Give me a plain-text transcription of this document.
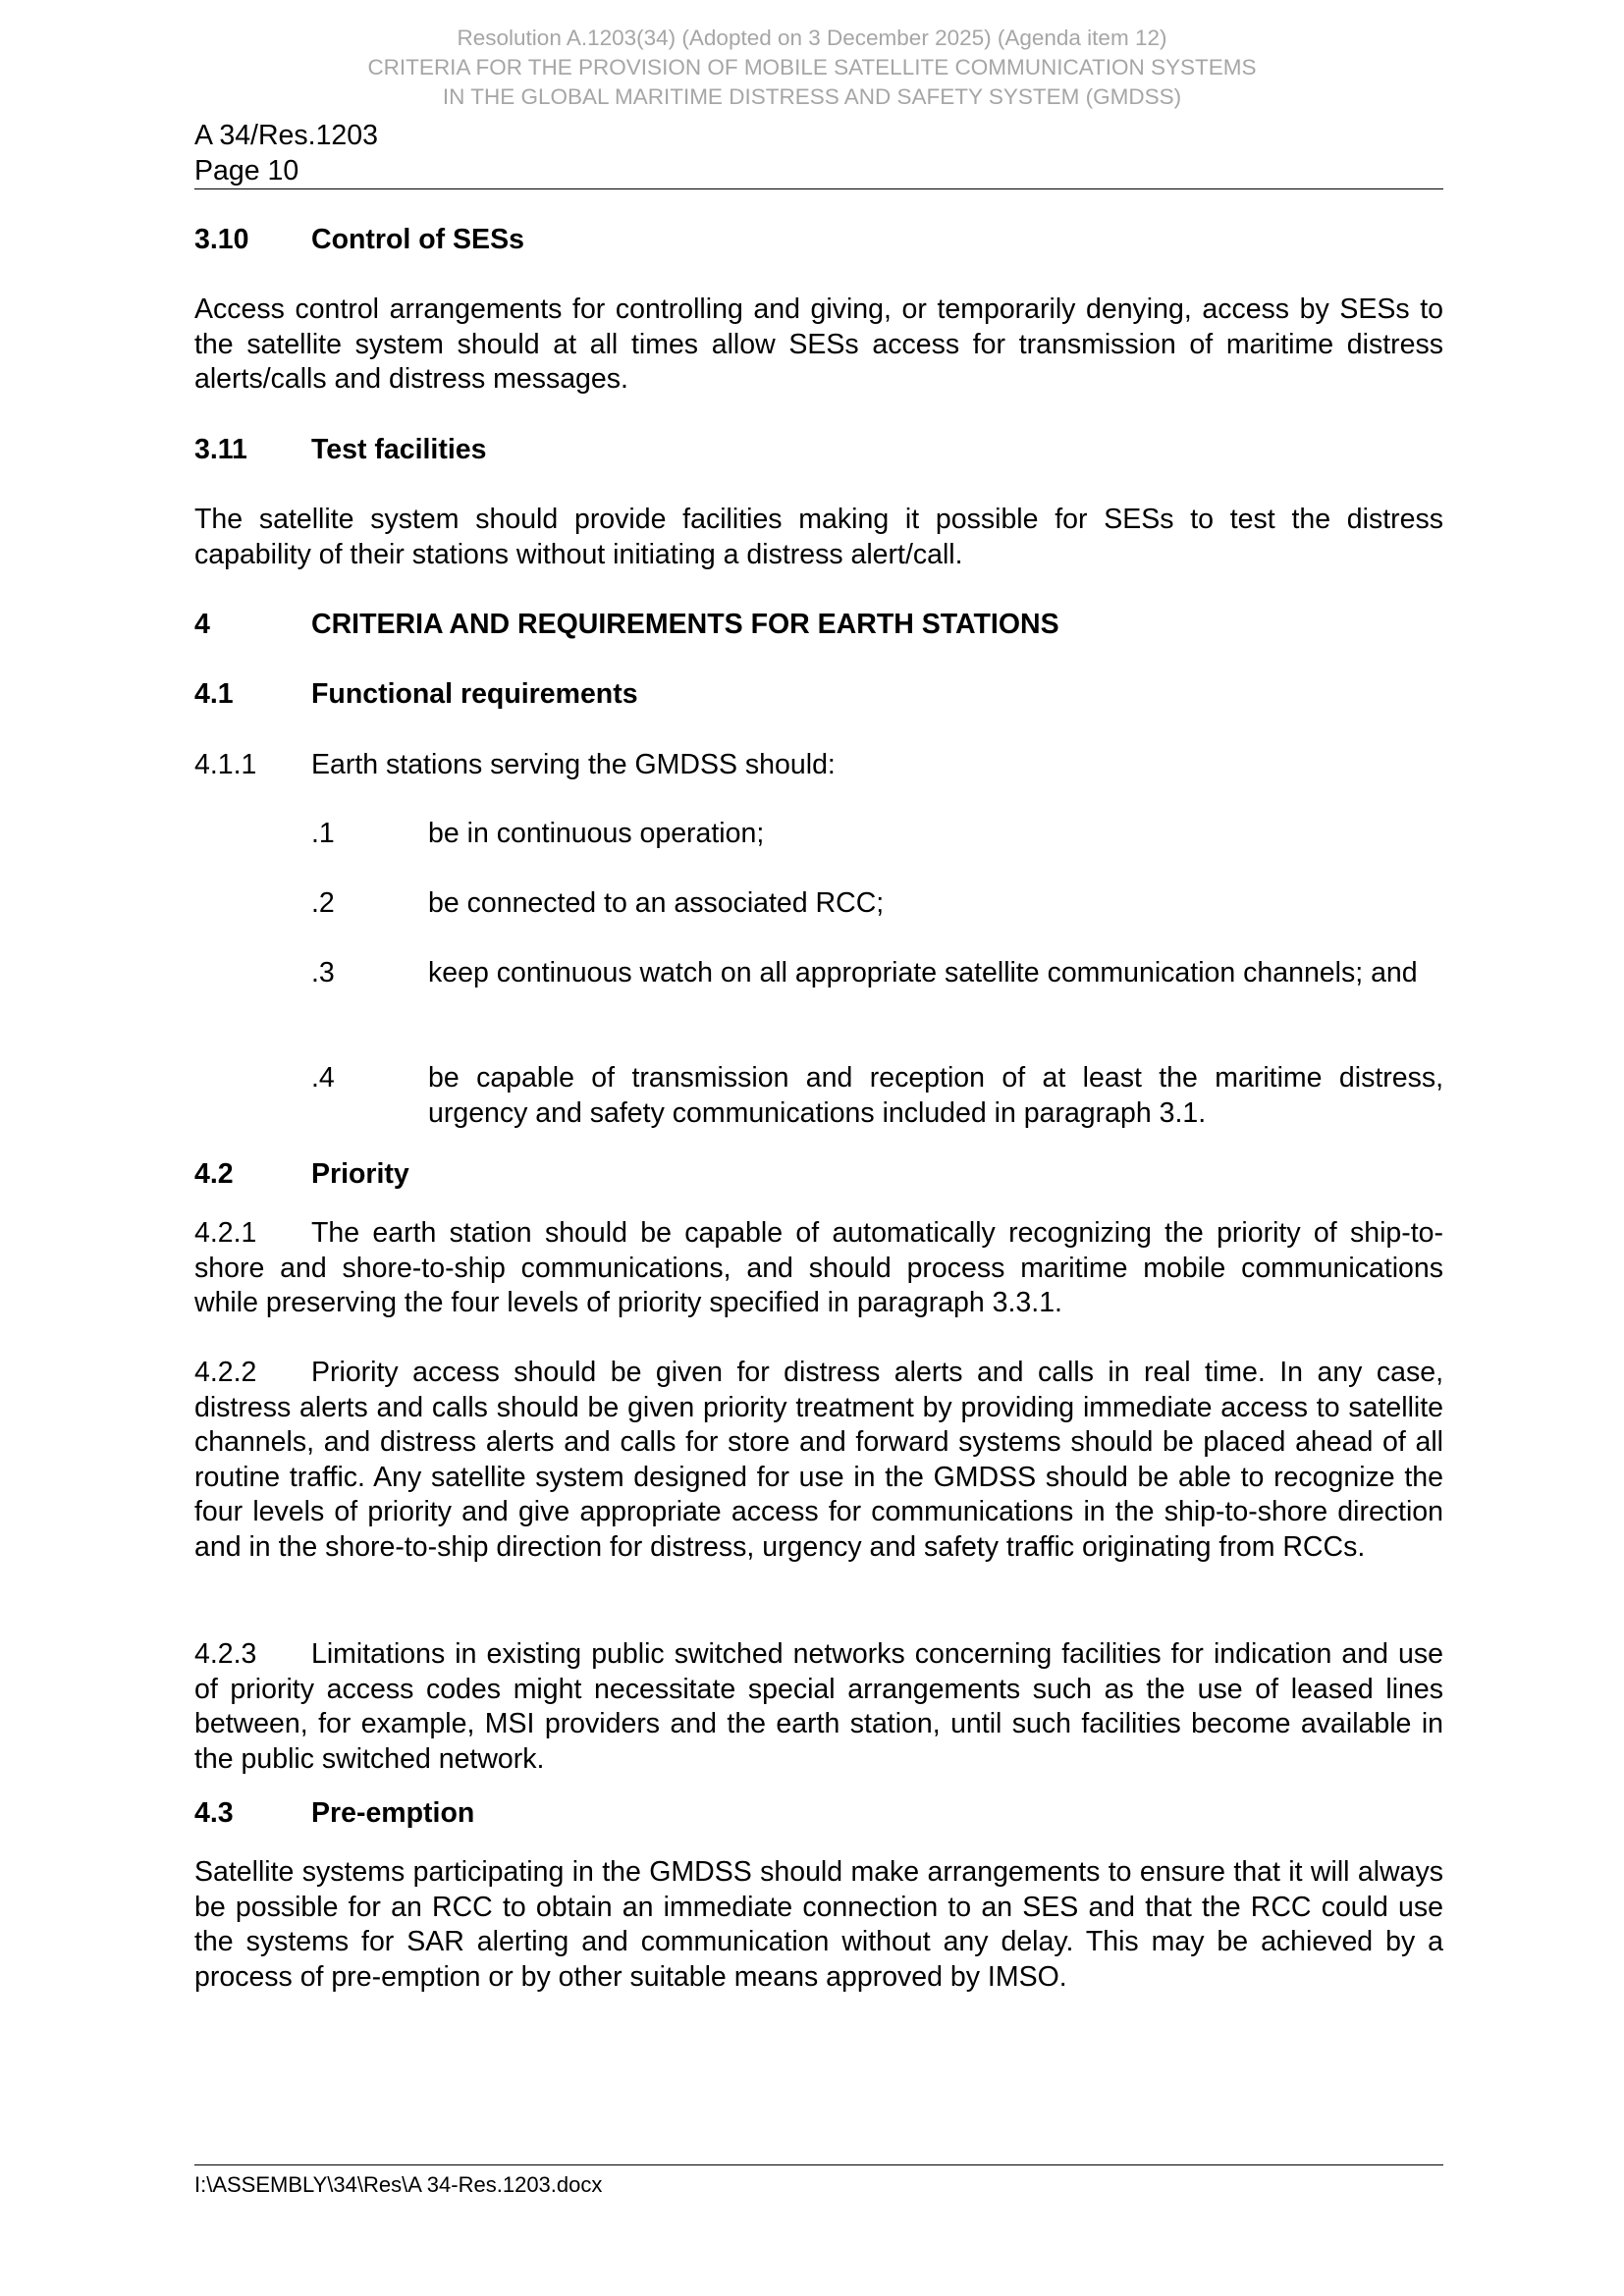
Resolution A.1203(34) (Adopted on 3 December 2025) (Agenda item 12)
CRITERIA FOR THE PROVISION OF MOBILE SATELLITE COMMUNICATION SYSTEMS
IN THE GLOBAL MARITIME DISTRESS AND SAFETY SYSTEM (GMDSS)
A 34/Res.1203
Page 10
3.10 Control of SESs
Access control arrangements for controlling and giving, or temporarily denying, access by SESs to the satellite system should at all times allow SESs access for transmission of maritime distress alerts/calls and distress messages.
3.11 Test facilities
The satellite system should provide facilities making it possible for SESs to test the distress capability of their stations without initiating a distress alert/call.
4	CRITERIA AND REQUIREMENTS FOR EARTH STATIONS
4.1	Functional requirements
4.1.1 Earth stations serving the GMDSS should:
.1	be in continuous operation;
.2	be connected to an associated RCC;
.3	keep continuous watch on all appropriate satellite communication channels; and
.4	be capable of transmission and reception of at least the maritime distress, urgency and safety communications included in paragraph 3.1.
4.2	Priority
4.2.1 The earth station should be capable of automatically recognizing the priority of ship-to-shore and shore-to-ship communications, and should process maritime mobile communications while preserving the four levels of priority specified in paragraph 3.3.1.
4.2.2 Priority access should be given for distress alerts and calls in real time. In any case, distress alerts and calls should be given priority treatment by providing immediate access to satellite channels, and distress alerts and calls for store and forward systems should be placed ahead of all routine traffic. Any satellite system designed for use in the GMDSS should be able to recognize the four levels of priority and give appropriate access for communications in the ship-to-shore direction and in the shore-to-ship direction for distress, urgency and safety traffic originating from RCCs.
4.2.3 Limitations in existing public switched networks concerning facilities for indication and use of priority access codes might necessitate special arrangements such as the use of leased lines between, for example, MSI providers and the earth station, until such facilities become available in the public switched network.
4.3	Pre-emption
Satellite systems participating in the GMDSS should make arrangements to ensure that it will always be possible for an RCC to obtain an immediate connection to an SES and that the RCC could use the systems for SAR alerting and communication without any delay. This may be achieved by a process of pre-emption or by other suitable means approved by IMSO.
I:\ASSEMBLY\34\Res\A 34-Res.1203.docx
